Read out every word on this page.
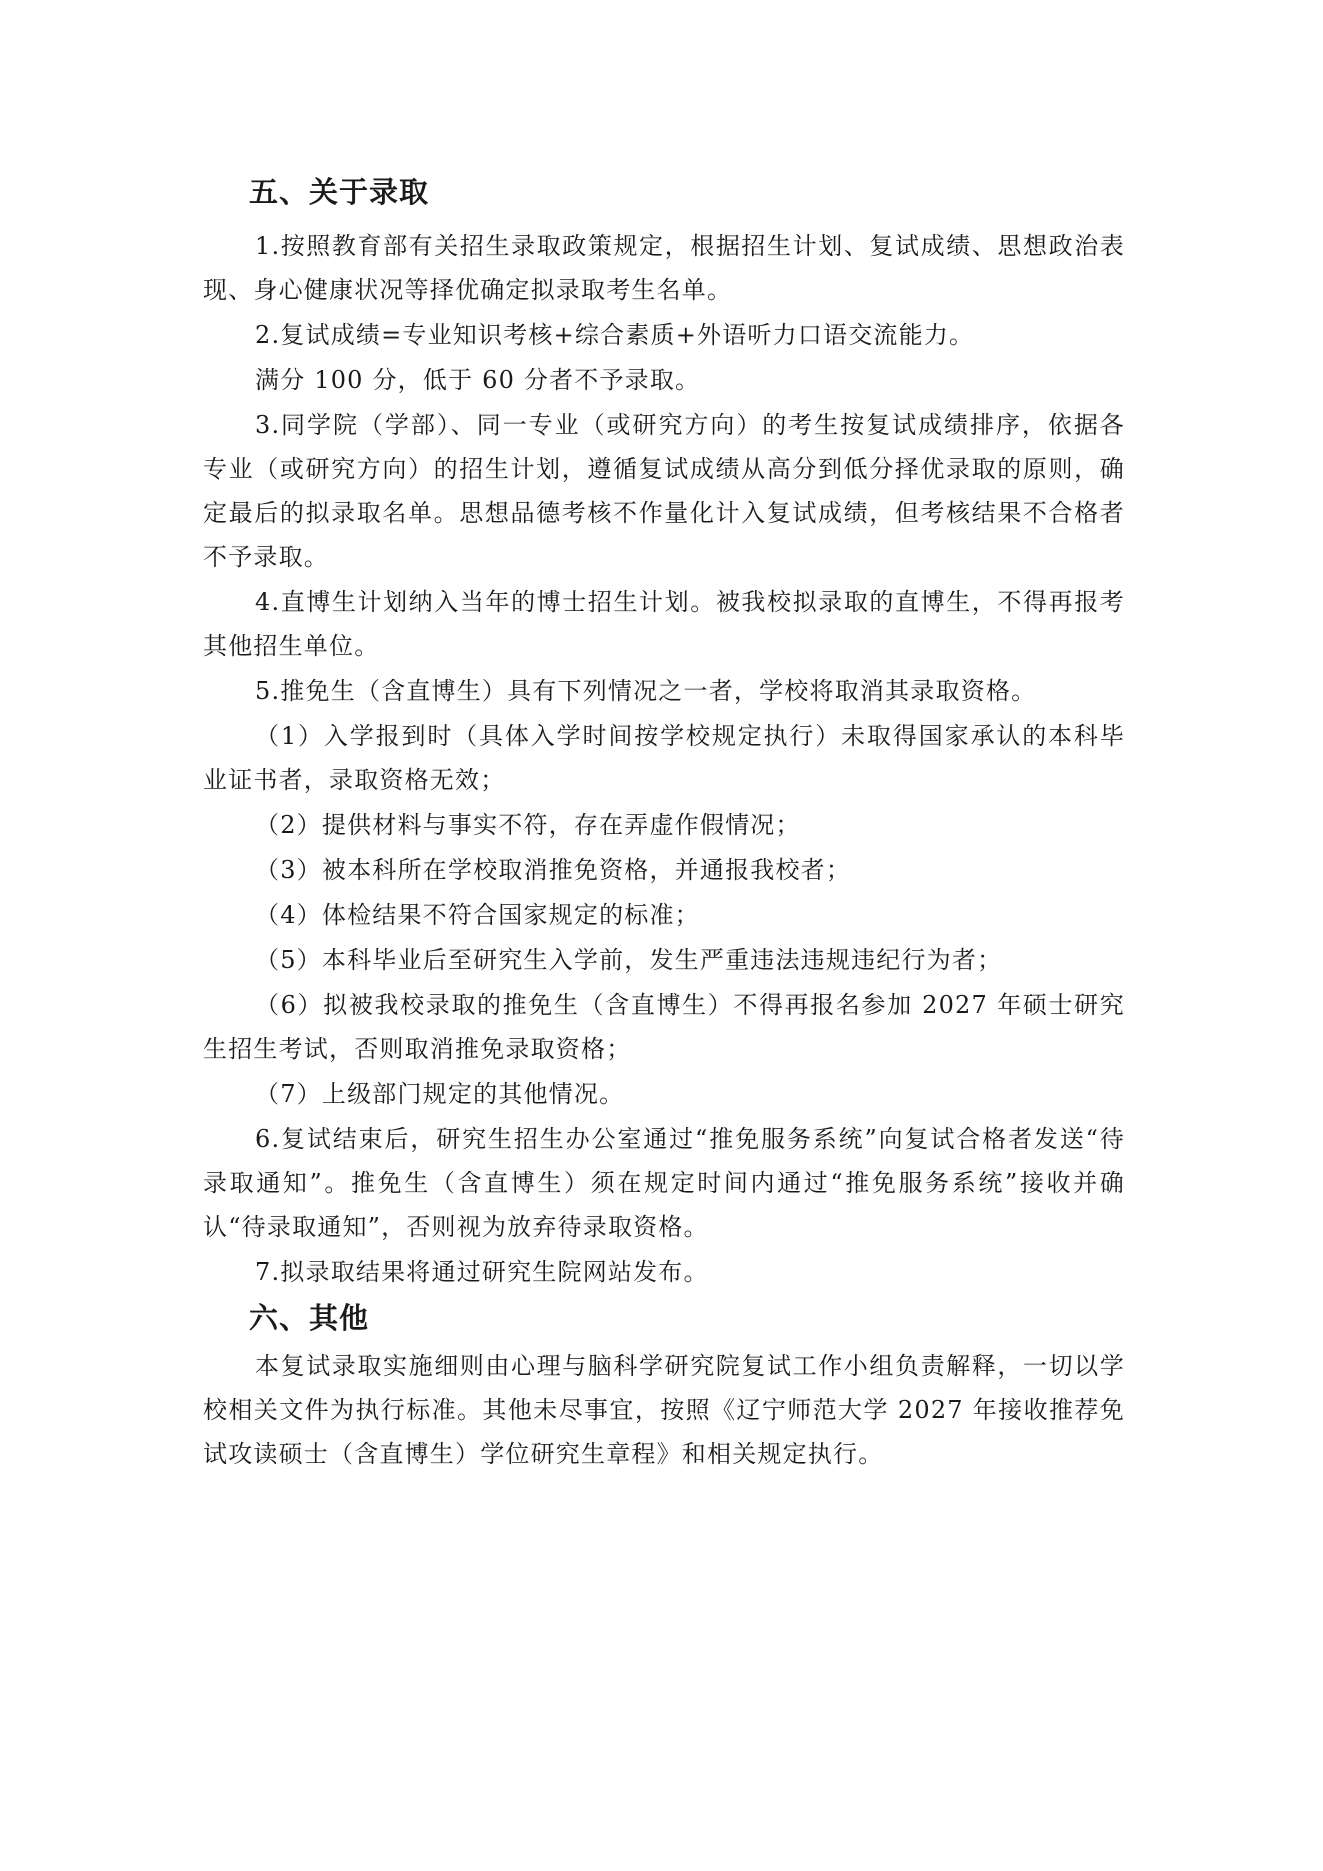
五、关于录取

1.按照教育部有关招生录取政策规定，根据招生计划、复试成绩、思想政治表现、身心健康状况等择优确定拟录取考生名单。

2.复试成绩=专业知识考核+综合素质+外语听力口语交流能力。

满分 100 分，低于 60 分者不予录取。

3.同学院（学部）、同一专业（或研究方向）的考生按复试成绩排序，依据各专业（或研究方向）的招生计划，遵循复试成绩从高分到低分择优录取的原则，确定最后的拟录取名单。思想品德考核不作量化计入复试成绩，但考核结果不合格者不予录取。

4.直博生计划纳入当年的博士招生计划。被我校拟录取的直博生，不得再报考其他招生单位。

5.推免生（含直博生）具有下列情况之一者，学校将取消其录取资格。

（1）入学报到时（具体入学时间按学校规定执行）未取得国家承认的本科毕业证书者，录取资格无效；

（2）提供材料与事实不符，存在弄虚作假情况；

（3）被本科所在学校取消推免资格，并通报我校者；

（4）体检结果不符合国家规定的标准；

（5）本科毕业后至研究生入学前，发生严重违法违规违纪行为者；

（6）拟被我校录取的推免生（含直博生）不得再报名参加 2027 年硕士研究生招生考试，否则取消推免录取资格；

（7）上级部门规定的其他情况。

6.复试结束后，研究生招生办公室通过“推免服务系统”向复试合格者发送“待录取通知”。推免生（含直博生）须在规定时间内通过“推免服务系统”接收并确认“待录取通知”，否则视为放弃待录取资格。

7.拟录取结果将通过研究生院网站发布。

六、其他

本复试录取实施细则由心理与脑科学研究院复试工作小组负责解释，一切以学校相关文件为执行标准。其他未尽事宜，按照《辽宁师范大学 2027 年接收推荐免试攻读硕士（含直博生）学位研究生章程》和相关规定执行。
